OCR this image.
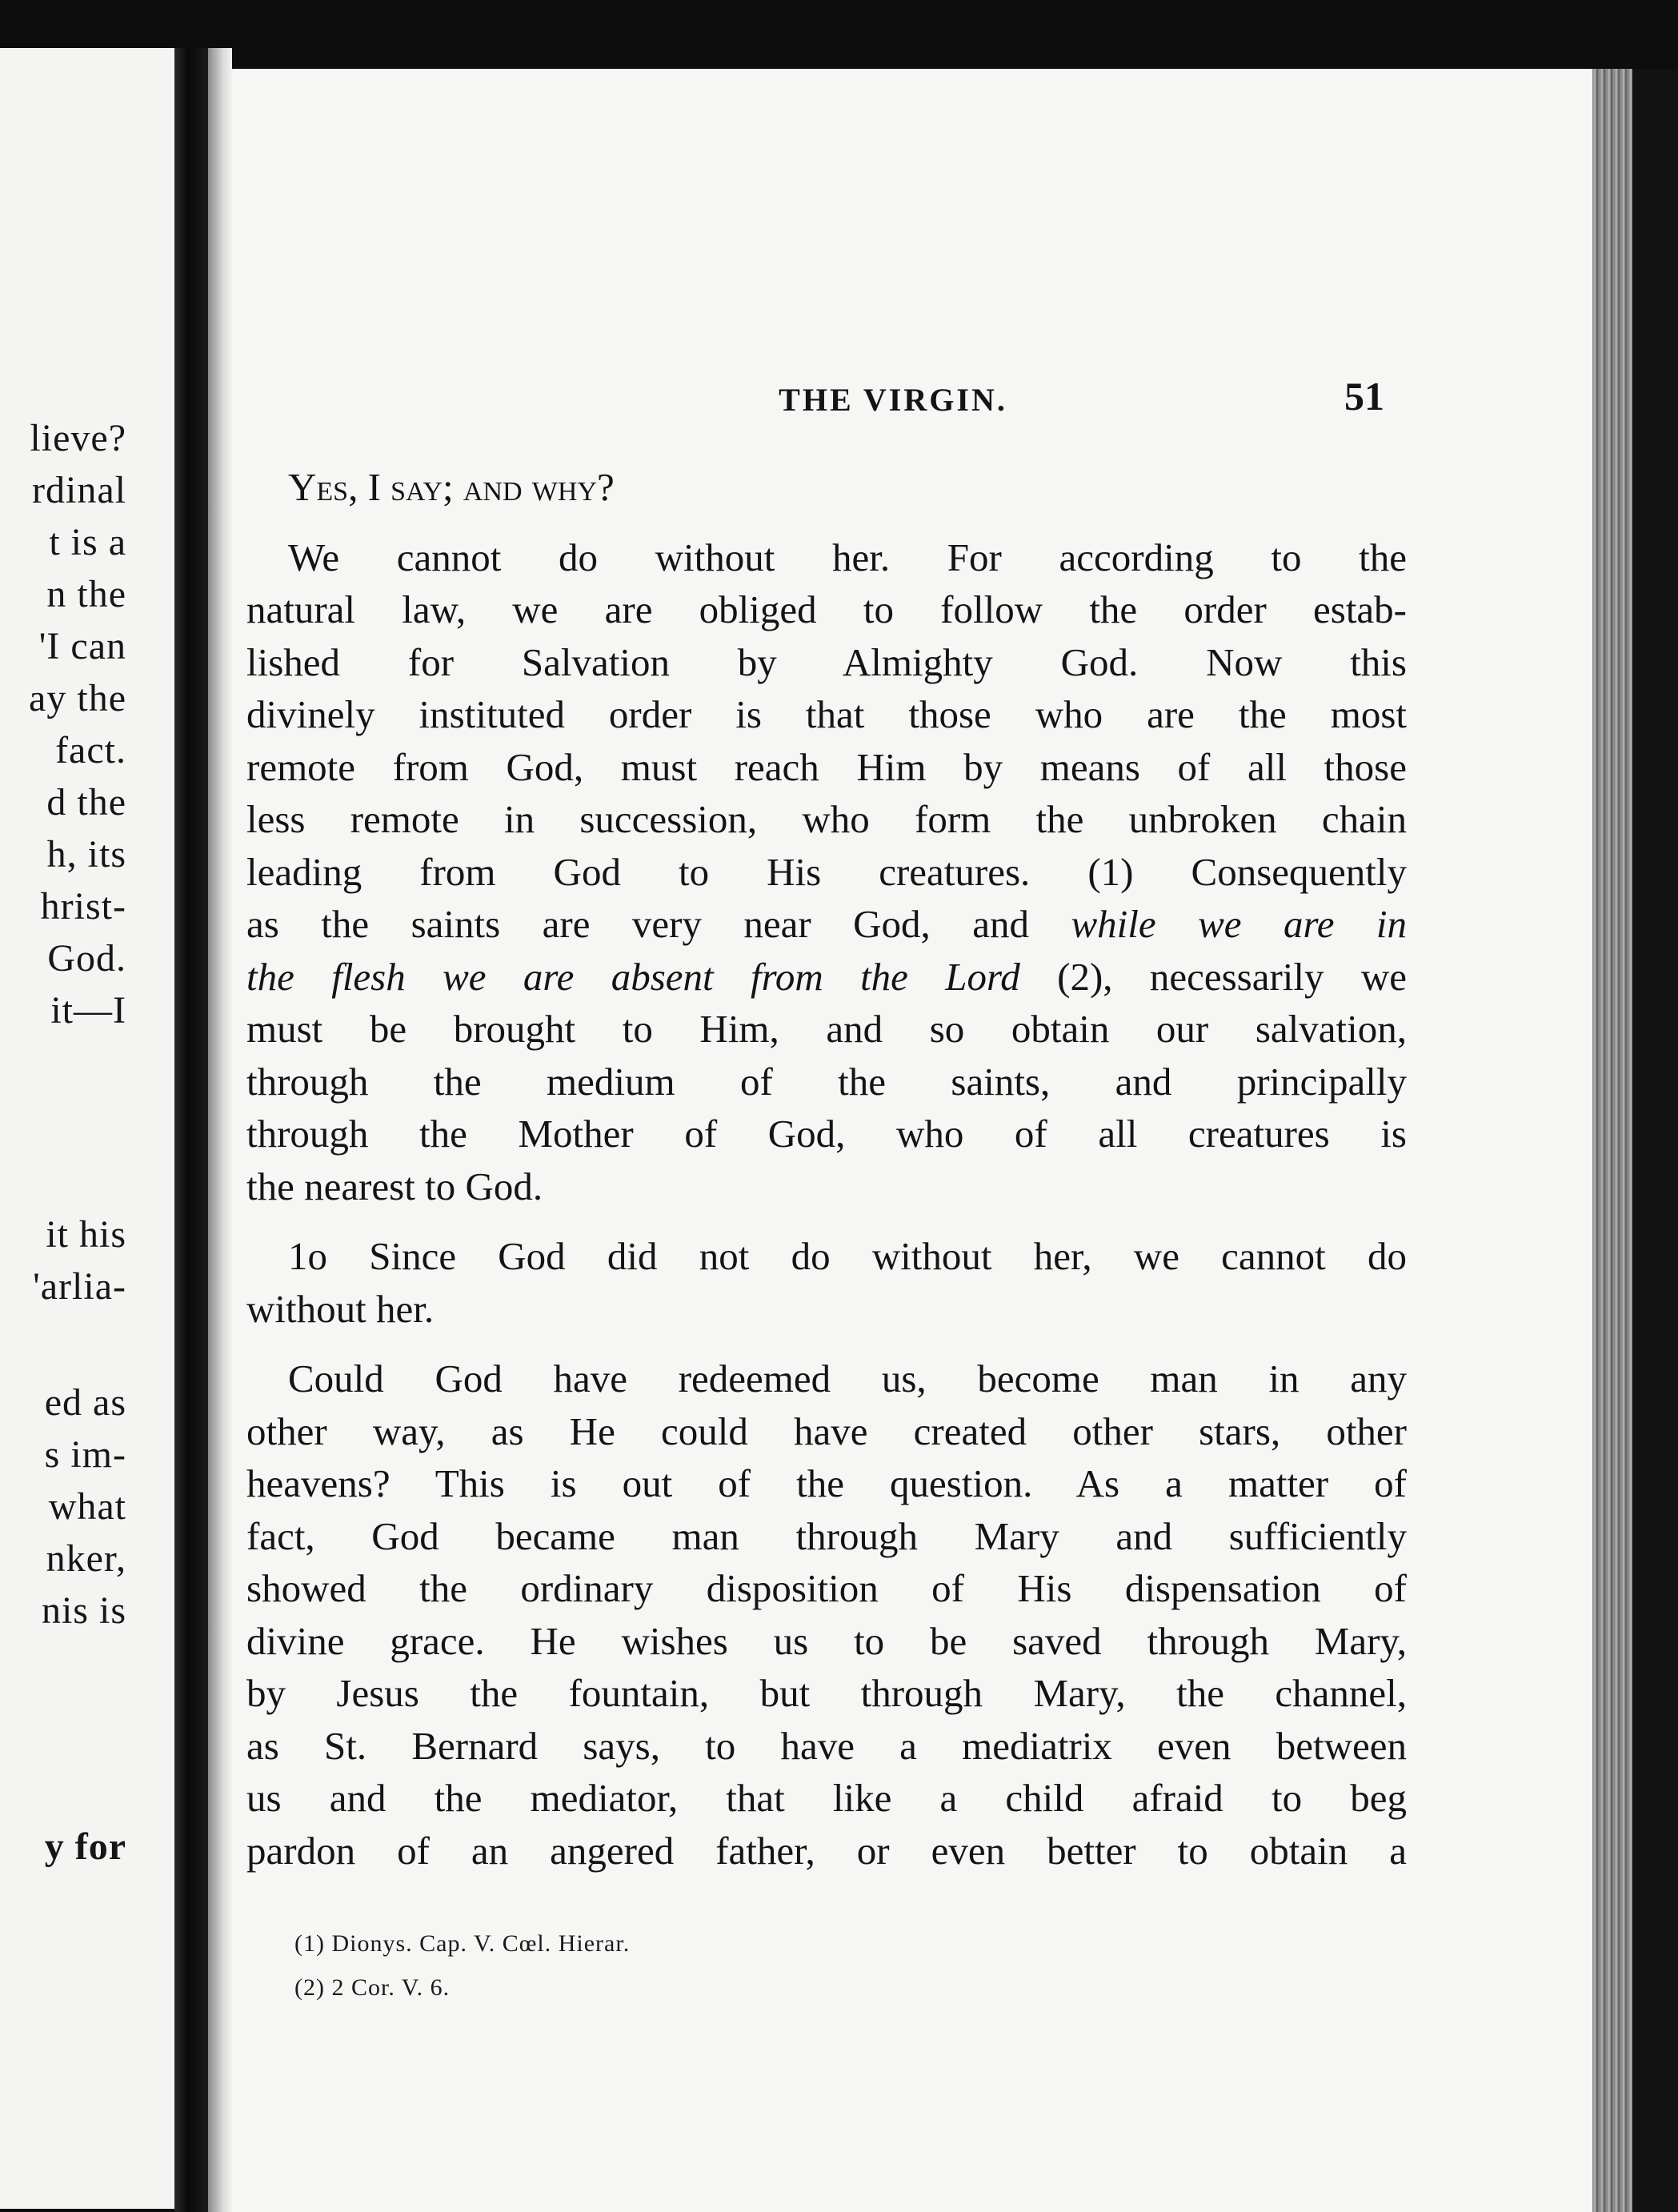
lieve?
rdinal
t is a
n the
'I can
ay the
fact.
d the
h, its
hrist-
God.
it—I
it his
'arlia-
ed as
s im-
what
nker,
nis is
y for
THE VIRGIN.	51
Yes, I say; and why?
We cannot do without her. For according to the
natural law, we are obliged to follow the order estab-
lished for Salvation by Almighty God. Now this
divinely instituted order is that those who are the most
remote from God, must reach Him by means of all those
less remote in succession, who form the unbroken chain
leading from God to His creatures. (1) Consequently
as the saints are very near God, and while we are in
the flesh we are absent from the Lord (2), necessarily we
must be brought to Him, and so obtain our salvation,
through the medium of the saints, and principally
through the Mother of God, who of all creatures is
the nearest to God.
1o Since God did not do without her, we cannot do
without her.
Could God have redeemed us, become man in any
other way, as He could have created other stars, other
heavens? This is out of the question. As a matter of
fact, God became man through Mary and sufficiently
showed the ordinary disposition of His dispensation of
divine grace. He wishes us to be saved through Mary,
by Jesus the fountain, but through Mary, the channel,
as St. Bernard says, to have a mediatrix even between
us and the mediator, that like a child afraid to beg
pardon of an angered father, or even better to obtain a
(1) Dionys. Cap. V. Cœl. Hierar.
(2) 2 Cor. V. 6.
